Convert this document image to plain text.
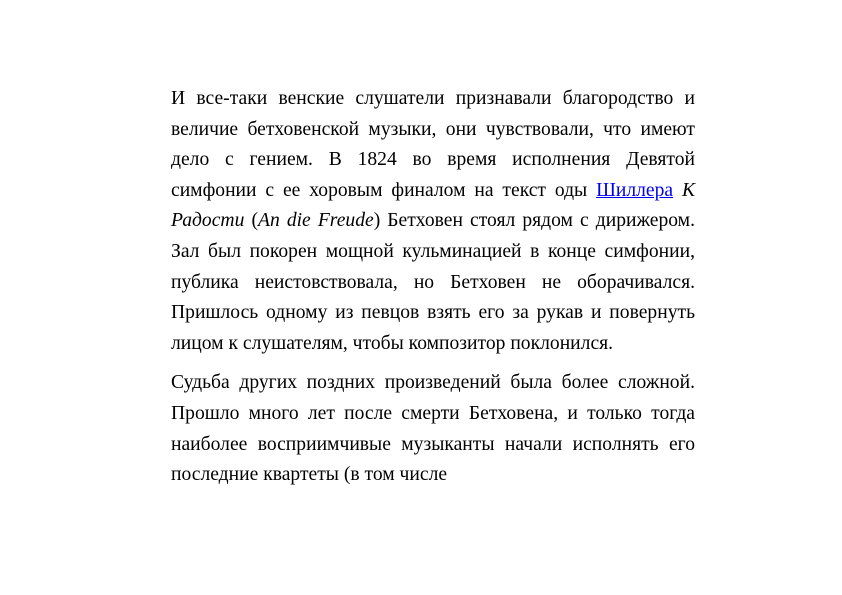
И все-таки венские слушатели признавали благородство и величие бетховенской музыки, они чувствовали, что имеют дело с гением. В 1824 во время исполнения Девятой симфонии с ее хоровым финалом на текст оды Шиллера К Радости (An die Freude) Бетховен стоял рядом с дирижером. Зал был покорен мощной кульминацией в конце симфонии, публика неистовствовала, но Бетховен не оборачивался. Пришлось одному из певцов взять его за рукав и повернуть лицом к слушателям, чтобы композитор поклонился.

Судьба других поздних произведений была более сложной. Прошло много лет после смерти Бетховена, и только тогда наиболее восприимчивые музыканты начали исполнять его последние квартеты (в том числе
